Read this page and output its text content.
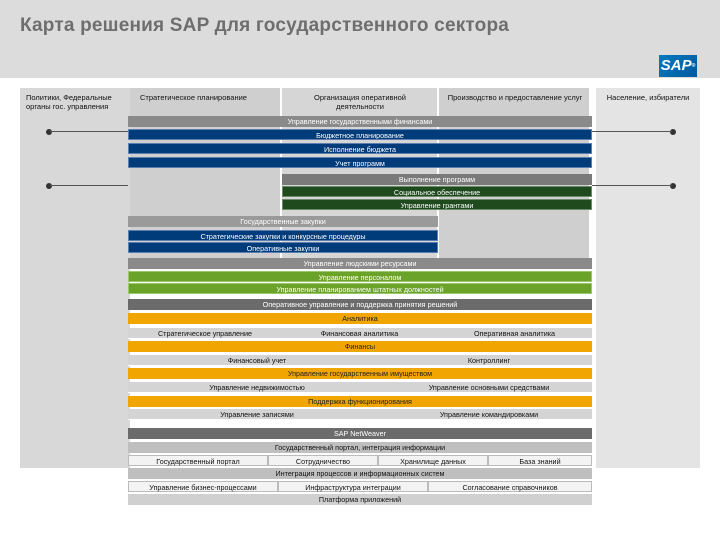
Карта решения SAP для государственного сектора
SAP®
Политики, Федеральные органы гос. управления
Стратегическое планирование	Организация оперативной деятельности
Производство и предоставление услуг	Население, избиратели
Управление государственными финансами
Бюджетное планирование
Исполнение бюджета
Учет программ
Выполнение программ
Социальное обеспечение
Управление грантами
Государственные закупки
Стратегические закупки и конкурсные процедуры
Оперативные закупки
Управление людскими ресурсами
Управление персоналом
Управление планированием штатных должностей
Оперативное управление и поддержка принятия решений
Аналитика
Стратегическое управление	Финансовая аналитика	Оперативная аналитика
Финансы
Финансовый учет	Контроллинг
Управление государственным имуществом
Управление недвижимостью	Управление основными средствами
Поддержка функционирования
Управление записями	Управление командировками
SAP NetWeaver
Государственный портал, интеграция информации
Государственный портал	Сотрудничество	Хранилище данных	База знаний
Интеграция процессов и информационных систем
Управление бизнес-процессами	Инфраструктура интеграции	Согласование справочников
Платформа приложений
